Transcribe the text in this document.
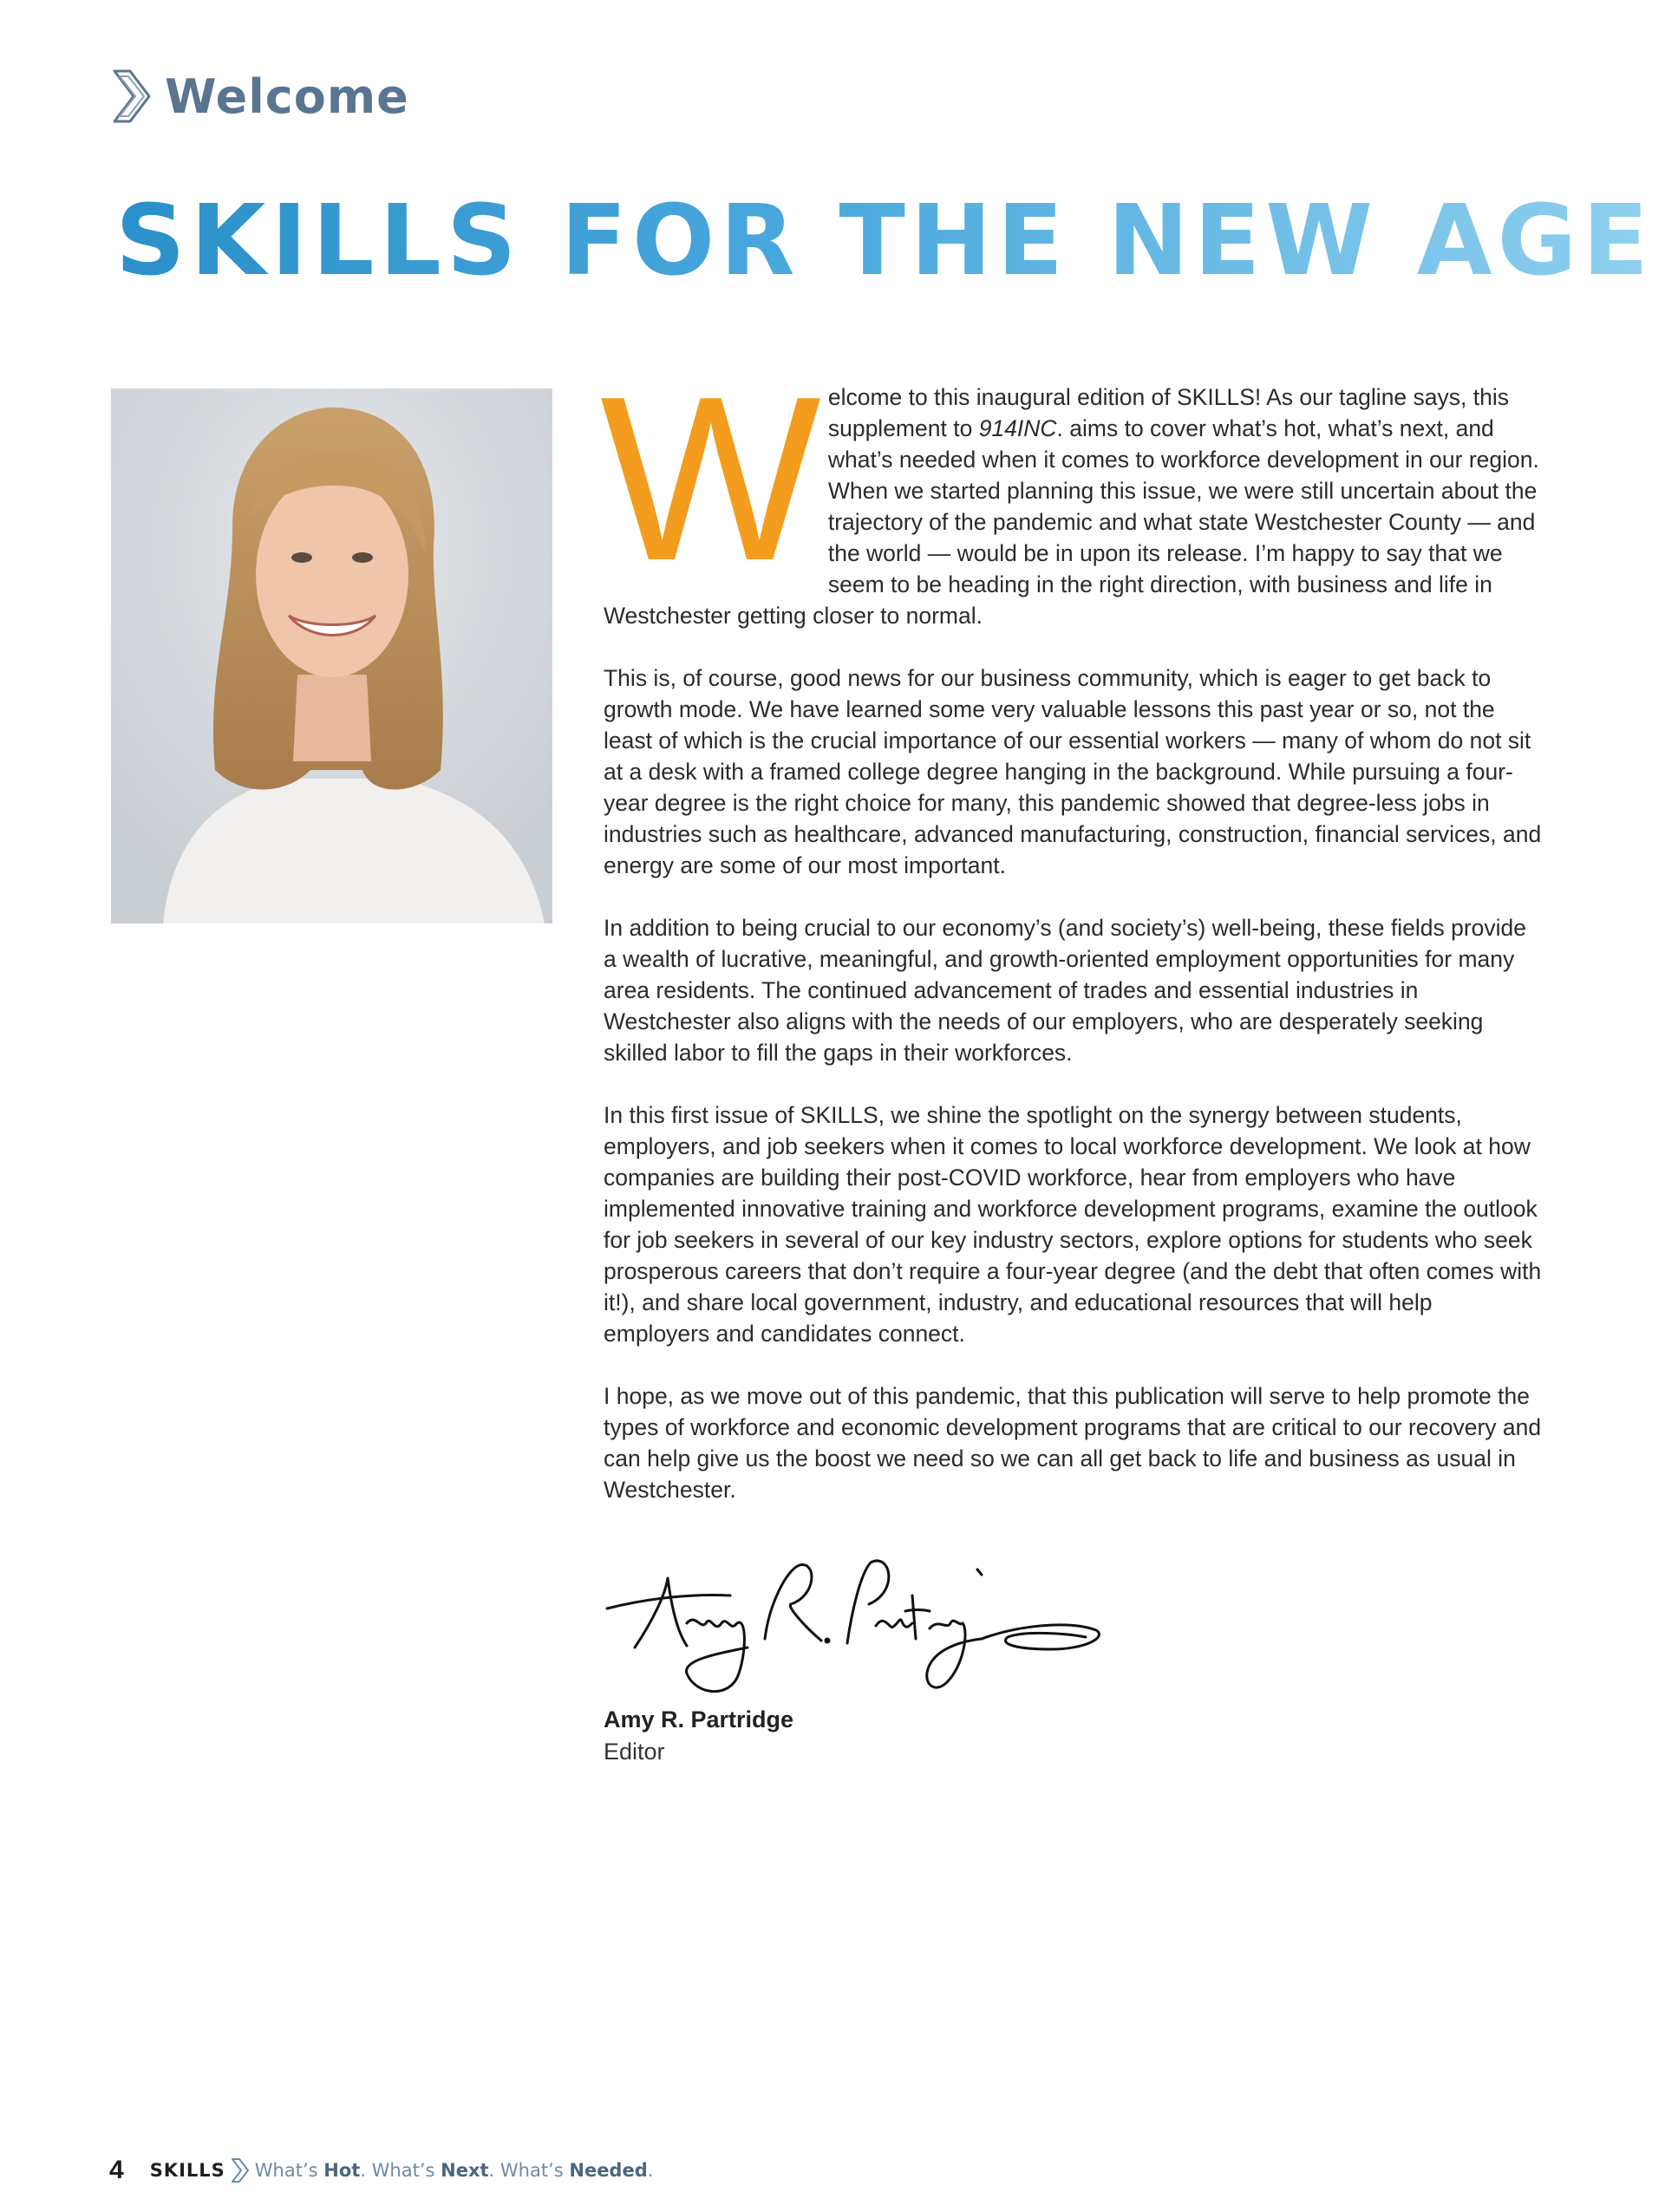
Welcome
SKILLS FOR THE NEW AGE
W elcome to this inaugural edition of SKILLS! As our tagline says, this supplement to 914INC. aims to cover what’s hot, what’s next, and what’s needed when it comes to workforce development in our region. When we started planning this issue, we were still uncertain about the trajectory of the pandemic and what state Westchester County — and the world — would be in upon its release. I’m happy to say that we seem to be heading in the right direction, with business and life in Westchester getting closer to normal.

This is, of course, good news for our business community, which is eager to get back to growth mode. We have learned some very valuable lessons this past year or so, not the least of which is the crucial importance of our essential workers — many of whom do not sit at a desk with a framed college degree hanging in the background. While pursuing a four-year degree is the right choice for many, this pandemic showed that degree-less jobs in industries such as healthcare, advanced manufacturing, construction, financial services, and energy are some of our most important.

In addition to being crucial to our economy’s (and society’s) well-being, these fields provide a wealth of lucrative, meaningful, and growth-oriented employment opportunities for many area residents. The continued advancement of trades and essential industries in Westchester also aligns with the needs of our employers, who are desperately seeking skilled labor to fill the gaps in their workforces.

In this first issue of SKILLS, we shine the spotlight on the synergy between students, employers, and job seekers when it comes to local workforce development. We look at how companies are building their post-COVID workforce, hear from employers who have implemented innovative training and workforce development programs, examine the outlook for job seekers in several of our key industry sectors, explore options for students who seek prosperous careers that don’t require a four-year degree (and the debt that often comes with it!), and share local government, industry, and educational resources that will help employers and candidates connect.

I hope, as we move out of this pandemic, that this publication will serve to help promote the types of workforce and economic development programs that are critical to our recovery and can help give us the boost we need so we can all get back to life and business as usual in Westchester.

Amy R. Partridge
Editor
4 SKILLS What’s Hot. What’s Next. What’s Needed.
